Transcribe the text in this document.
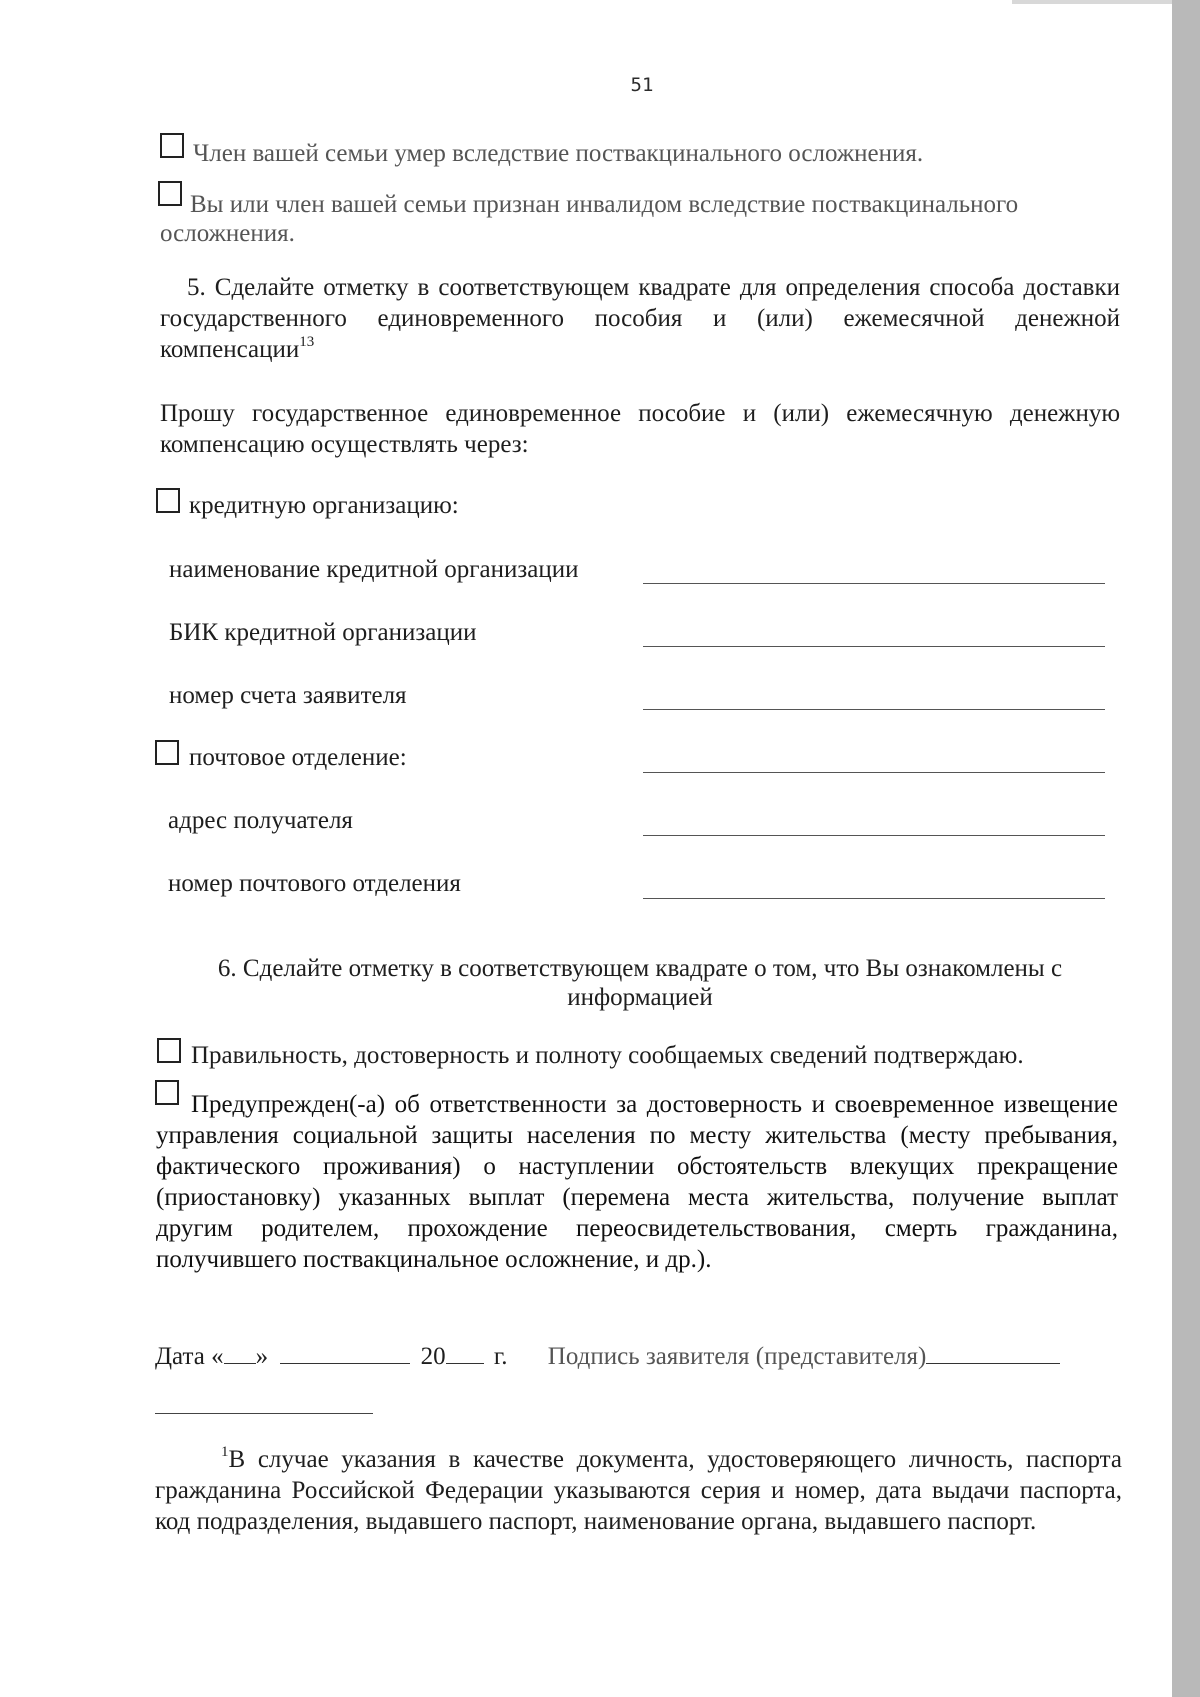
51
Член вашей семьи умер вследствие поствакцинального осложнения.
Вы или член вашей семьи признан инвалидом вследствие поствакцинального
осложнения.
5. Сделайте отметку в соответствующем квадрате для определения способа доставки государственного единовременного пособия и (или) ежемесячной денежной компенсации$^{13}$
Прошу государственное единовременное пособие и (или) ежемесячную денежную компенсацию осуществлять через:
кредитную организацию:
наименование кредитной организации
БИК кредитной организации
номер счета заявителя
почтовое отделение:
адрес получателя
номер почтового отделения
6. Сделайте отметку в соответствующем квадрате о том, что Вы ознакомлены с
информацией
Правильность, достоверность и полноту сообщаемых сведений подтверждаю.
Предупрежден(-а) об ответственности за достоверность и своевременное извещение управления социальной защиты населения по месту жительства (месту пребывания, фактического проживания) о наступлении обстоятельств влекущих прекращение (приостановку) указанных выплат (перемена места жительства, получение выплат другим родителем, прохождение переосвидетельствования, смерть гражданина, получившего поствакцинальное осложнение, и др.).
Дата « »	20 г. Подпись заявителя (представителя)
$^1$В случае указания в качестве документа, удостоверяющего личность, паспорта гражданина Российской Федерации указываются серия и номер, дата выдачи паспорта, код подразделения, выдавшего паспорт, наименование органа, выдавшего паспорт.
